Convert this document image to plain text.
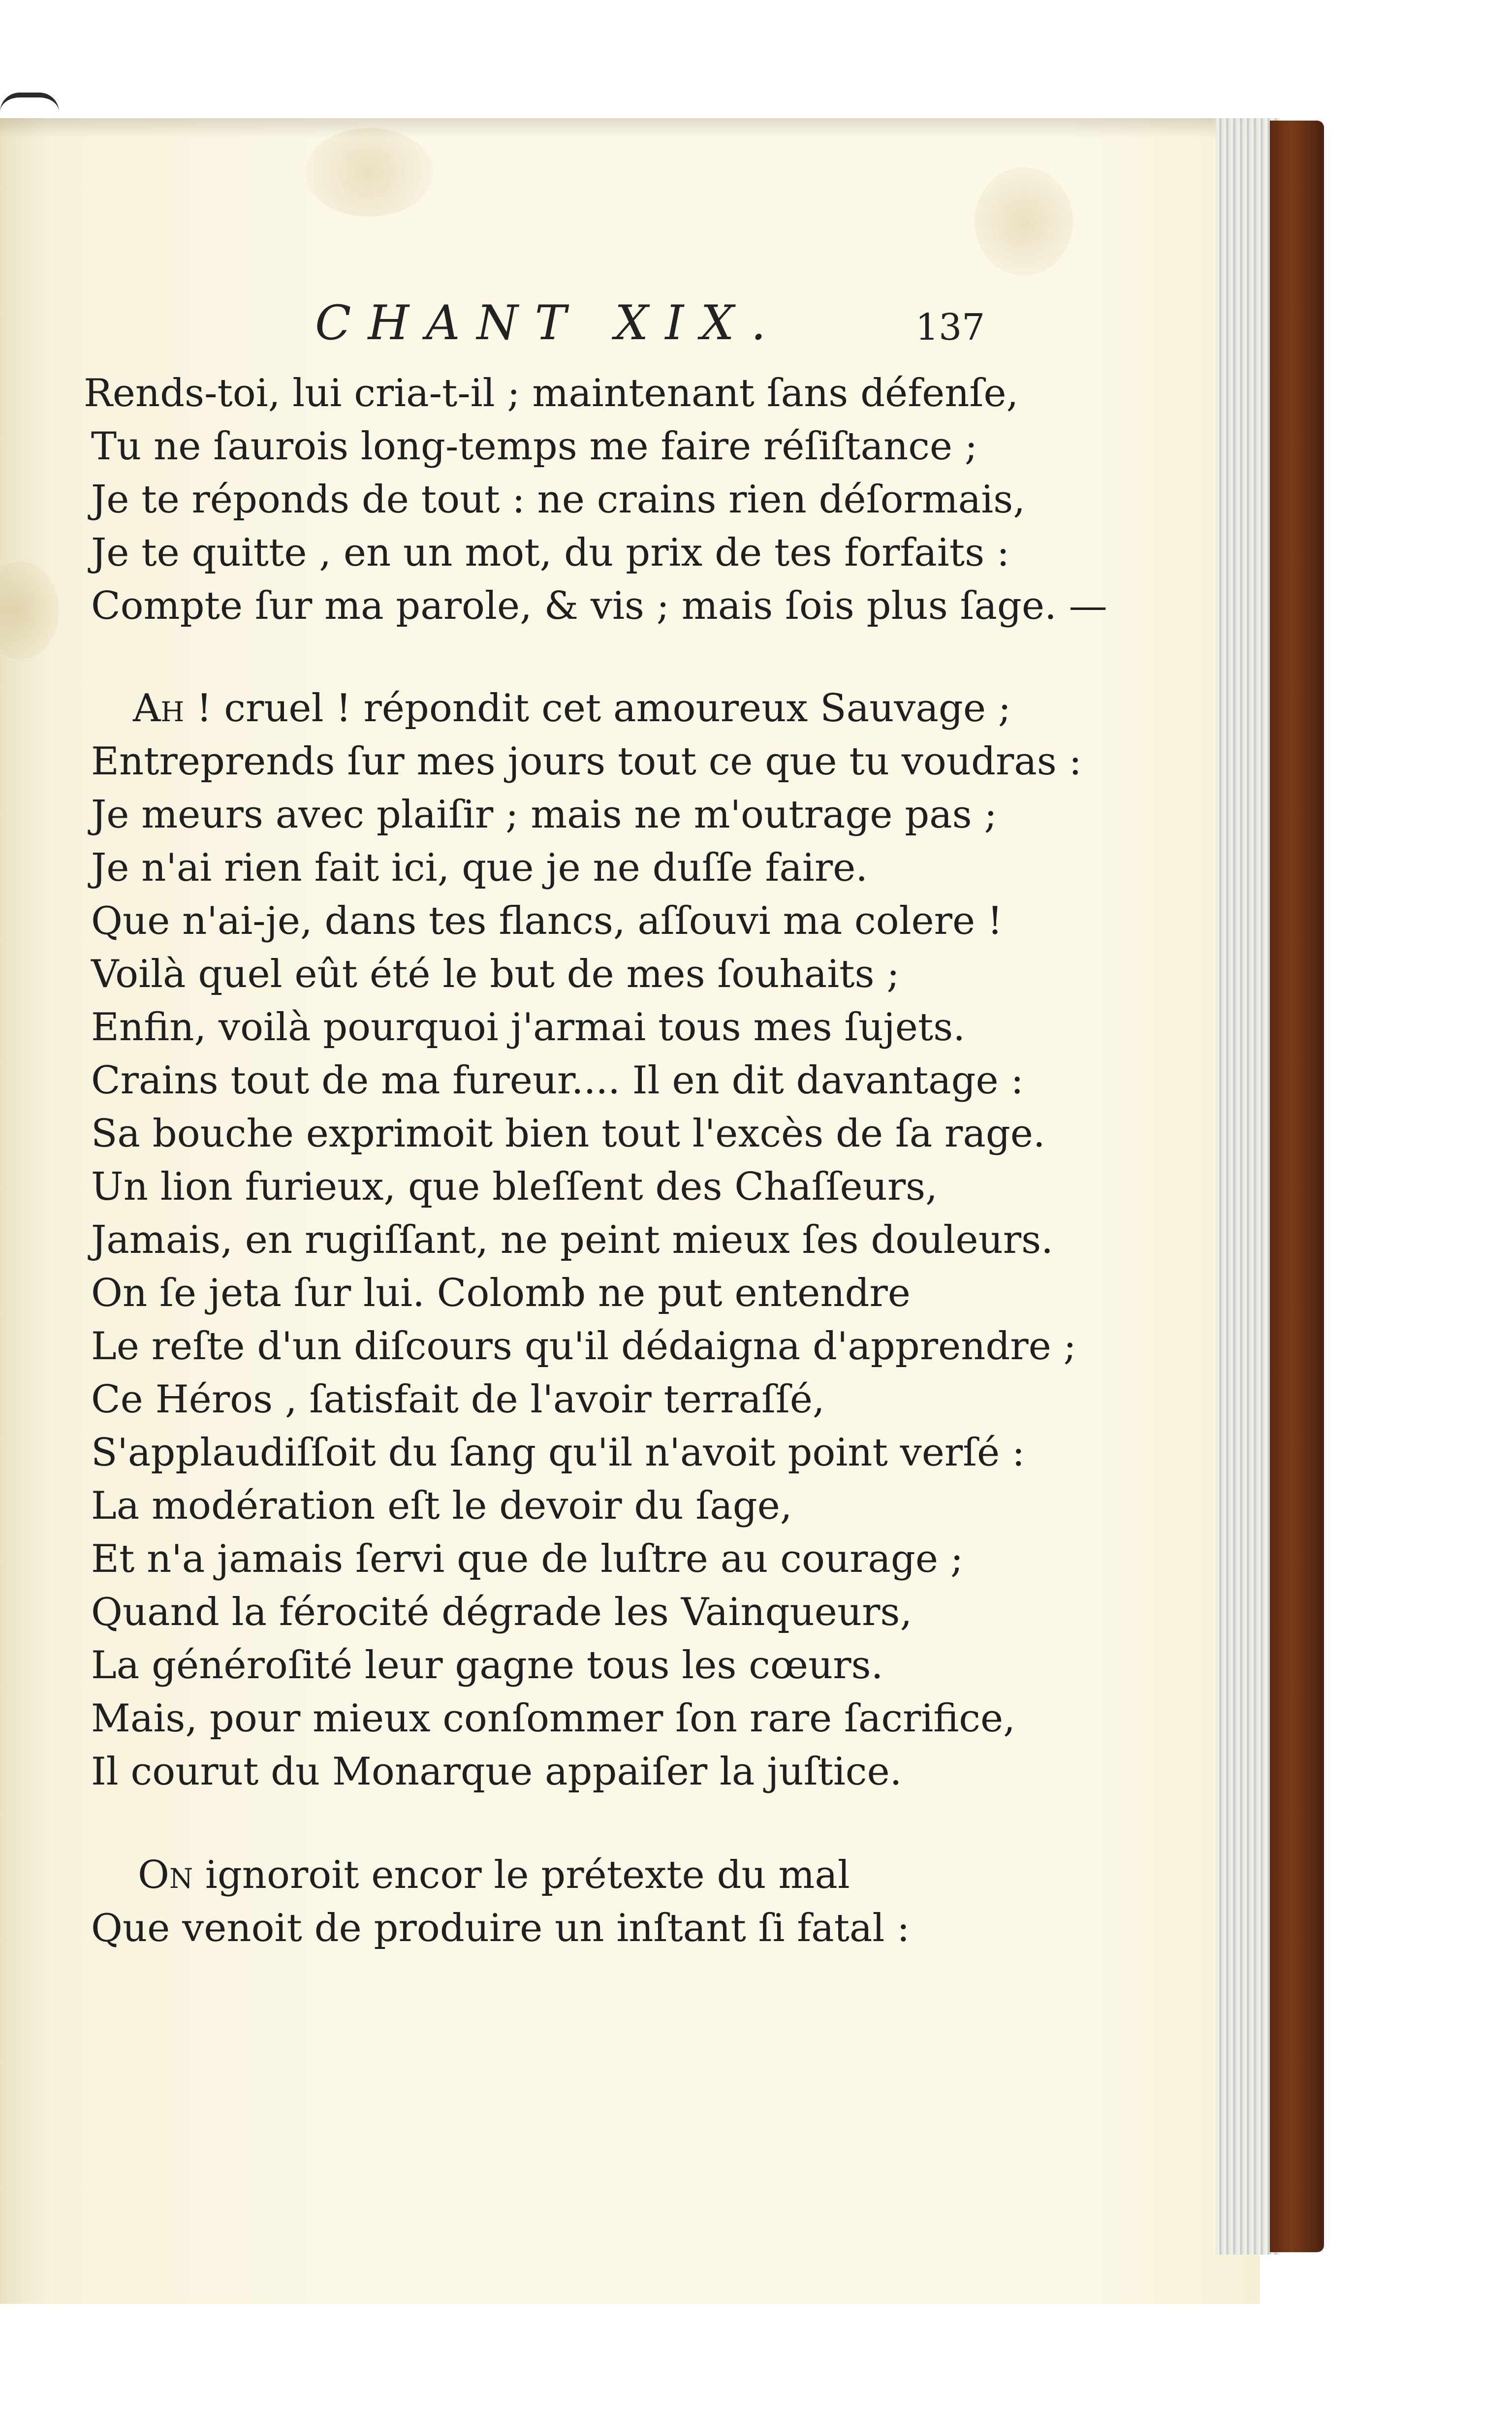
CHANT XIX.	137
Rends-toi, lui cria-t-il ; maintenant ſans défenſe,
Tu ne ſaurois long-temps me faire réſiſtance ;
Je te réponds de tout : ne crains rien déſormais,
Je te quitte , en un mot, du prix de tes forfaits :
Compte ſur ma parole, & vis ; mais ſois plus ſage. —
Ah ! cruel ! répondit cet amoureux Sauvage ;
Entreprends ſur mes jours tout ce que tu voudras :
Je meurs avec plaiſir ; mais ne m'outrage pas ;
Je n'ai rien fait ici, que je ne duſſe faire.
Que n'ai-je, dans tes flancs, aſſouvi ma colere !
Voilà quel eût été le but de mes ſouhaits ;
Enfin, voilà pourquoi j'armai tous mes ſujets.
Crains tout de ma fureur.... Il en dit davantage :
Sa bouche exprimoit bien tout l'excès de ſa rage.
Un lion furieux, que bleſſent des Chaſſeurs,
Jamais, en rugiſſant, ne peint mieux ſes douleurs.
On ſe jeta ſur lui. Colomb ne put entendre
Le reſte d'un diſcours qu'il dédaigna d'apprendre ;
Ce Héros , ſatisfait de l'avoir terraſſé,
S'applaudiſſoit du ſang qu'il n'avoit point verſé :
La modération eſt le devoir du ſage,
Et n'a jamais ſervi que de luſtre au courage ;
Quand la férocité dégrade les Vainqueurs,
La généroſité leur gagne tous les cœurs.
Mais, pour mieux conſommer ſon rare ſacrifice,
Il courut du Monarque appaiſer la juſtice.
On ignoroit encor le prétexte du mal
Que venoit de produire un inſtant ſi fatal :
